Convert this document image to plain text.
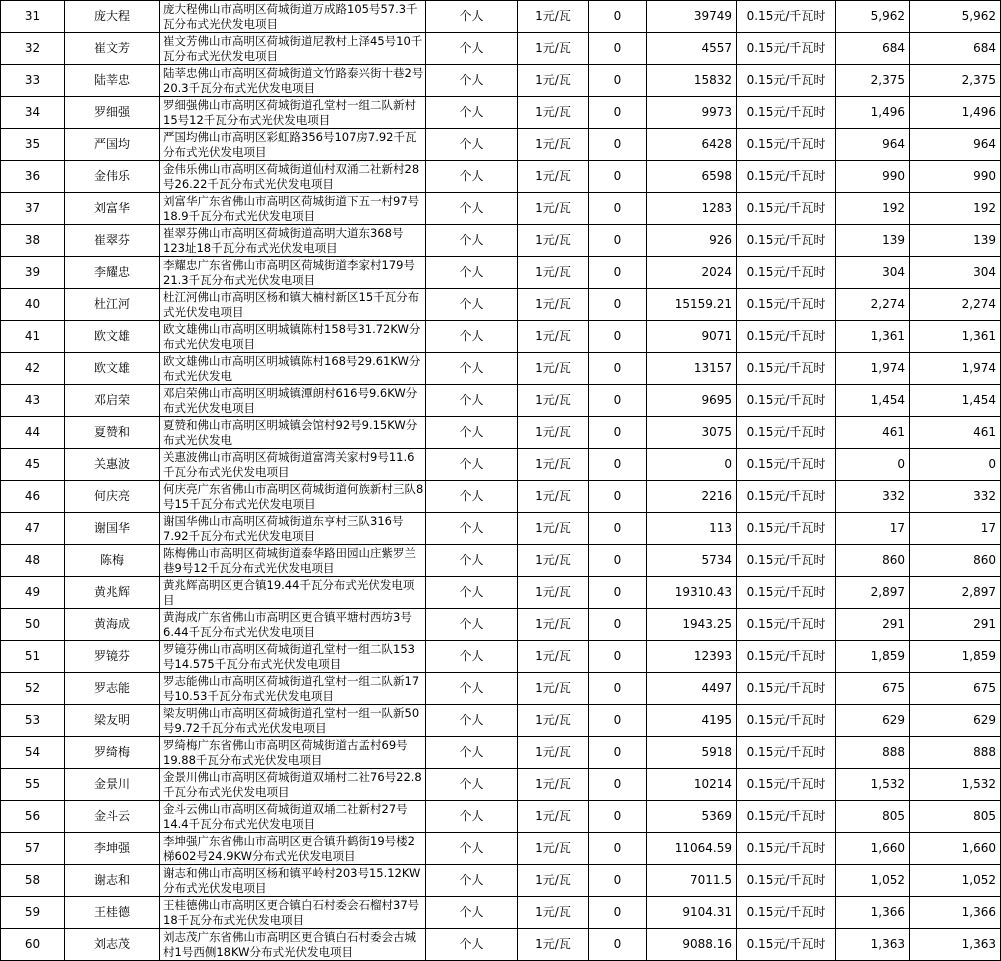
31	庞大程	庞大程佛山市高明区荷城街道万成路105号57.3千瓦分布式光伏发电项目	个人	1元/瓦	0	39749	0.15元/千瓦时	5,962	5,962
32	崔文芳	崔文芳佛山市高明区荷城街道尼教村上泽45号10千瓦分布式光伏发电项目	个人	1元/瓦	0	4557	0.15元/千瓦时	684	684
33	陆莘忠	陆莘忠佛山市高明区荷城街道文竹路泰兴街十巷2号20.3千瓦分布式光伏发电项目	个人	1元/瓦	0	15832	0.15元/千瓦时	2,375	2,375
34	罗细强	罗细强佛山市高明区荷城街道孔堂村一组二队新村15号12千瓦分布式光伏发电项目	个人	1元/瓦	0	9973	0.15元/千瓦时	1,496	1,496
35	严国均	严国均佛山市高明区彩虹路356号107房7.92千瓦分布式光伏发电项目	个人	1元/瓦	0	6428	0.15元/千瓦时	964	964
36	金伟乐	金伟乐佛山市高明区荷城街道仙村双涌二社新村28号26.22千瓦分布式光伏发电项目	个人	1元/瓦	0	6598	0.15元/千瓦时	990	990
37	刘富华	刘富华广东省佛山市高明区荷城街道下五一村97号18.9千瓦分布式光伏发电项目	个人	1元/瓦	0	1283	0.15元/千瓦时	192	192
38	崔翠芬	崔翠芬佛山市高明区荷城街道高明大道东368号123址18千瓦分布式光伏发电项目	个人	1元/瓦	0	926	0.15元/千瓦时	139	139
39	李耀忠	李耀忠广东省佛山市高明区荷城街道李家村179号21.3千瓦分布式光伏发电项目	个人	1元/瓦	0	2024	0.15元/千瓦时	304	304
40	杜江河	杜江河佛山市高明区杨和镇大楠村新区15千瓦分布式光伏发电项目	个人	1元/瓦	0	15159.21	0.15元/千瓦时	2,274	2,274
41	欧文雄	欧文雄佛山市高明区明城镇陈村158号31.72KW分布式光伏发电项目	个人	1元/瓦	0	9071	0.15元/千瓦时	1,361	1,361
42	欧文雄	欧文雄佛山市高明区明城镇陈村168号29.61KW分布式光伏发电	个人	1元/瓦	0	13157	0.15元/千瓦时	1,974	1,974
43	邓启荣	邓启荣佛山市高明区明城镇潭朗村616号9.6KW分布式光伏发电项目	个人	1元/瓦	0	9695	0.15元/千瓦时	1,454	1,454
44	夏赞和	夏赞和佛山市高明区明城镇会馆村92号9.15KW分布式光伏发电	个人	1元/瓦	0	3075	0.15元/千瓦时	461	461
45	关惠波	关惠波佛山市高明区荷城街道富湾关家村9号11.6千瓦分布式光伏发电项目	个人	1元/瓦	0	0	0.15元/千瓦时	0	0
46	何庆亮	何庆亮广东省佛山市高明区荷城街道何族新村三队8号15千瓦分布式光伏发电项目	个人	1元/瓦	0	2216	0.15元/千瓦时	332	332
47	谢国华	谢国华佛山市高明区荷城街道东亨村三队316号7.92千瓦分布式光伏发电项目	个人	1元/瓦	0	113	0.15元/千瓦时	17	17
48	陈梅	陈梅佛山市高明区荷城街道泰华路田园山庄紫罗兰巷9号12千瓦分布式光伏发电项目	个人	1元/瓦	0	5734	0.15元/千瓦时	860	860
49	黄兆辉	黄兆辉高明区更合镇19.44千瓦分布式光伏发电项目	个人	1元/瓦	0	19310.43	0.15元/千瓦时	2,897	2,897
50	黄海成	黄海成广东省佛山市高明区更合镇平塘村西坊3号6.44千瓦分布式光伏发电项目	个人	1元/瓦	0	1943.25	0.15元/千瓦时	291	291
51	罗镜芬	罗镜芬佛山市高明区荷城街道孔堂村一组二队153号14.575千瓦分布式光伏发电项目	个人	1元/瓦	0	12393	0.15元/千瓦时	1,859	1,859
52	罗志能	罗志能佛山市高明区荷城街道孔堂村一组二队新17号10.53千瓦分布式光伏发电项目	个人	1元/瓦	0	4497	0.15元/千瓦时	675	675
53	梁友明	梁友明佛山市高明区荷城街道孔堂村一组一队新50号9.72千瓦分布式光伏发电项目	个人	1元/瓦	0	4195	0.15元/千瓦时	629	629
54	罗绮梅	罗绮梅广东省佛山市高明区荷城街道古孟村69号19.88千瓦分布式光伏发电项目	个人	1元/瓦	0	5918	0.15元/千瓦时	888	888
55	金景川	金景川佛山市高明区荷城街道双埇村二社76号22.8千瓦分布式光伏发电项目	个人	1元/瓦	0	10214	0.15元/千瓦时	1,532	1,532
56	金斗云	金斗云佛山市高明区荷城街道双埇二社新村27号14.4千瓦分布式光伏发电项目	个人	1元/瓦	0	5369	0.15元/千瓦时	805	805
57	李坤强	李坤强广东省佛山市高明区更合镇升鹤街19号楼2梯602号24.9KW分布式光伏发电项目	个人	1元/瓦	0	11064.59	0.15元/千瓦时	1,660	1,660
58	谢志和	谢志和佛山市高明区杨和镇平岭村203号15.12KW分布式光伏发电项目	个人	1元/瓦	0	7011.5	0.15元/千瓦时	1,052	1,052
59	王桂德	王桂德佛山市高明区更合镇白石村委会石榴村37号18千瓦分布式光伏发电项目	个人	1元/瓦	0	9104.31	0.15元/千瓦时	1,366	1,366
60	刘志茂	刘志茂广东省佛山市高明区更合镇白石村委会古城村1号西侧18KW分布式光伏发电项目	个人	1元/瓦	0	9088.16	0.15元/千瓦时	1,363	1,363
